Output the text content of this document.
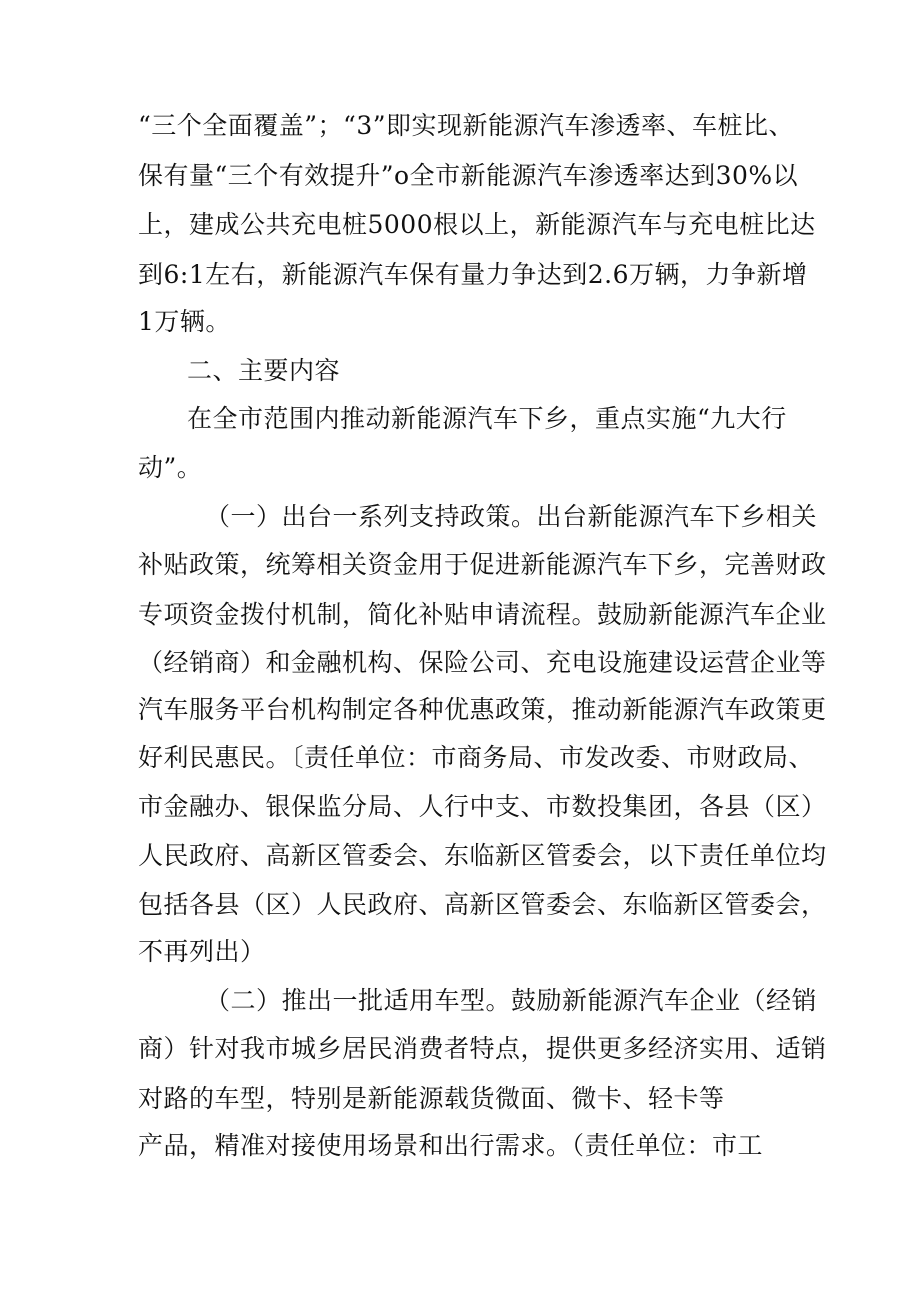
“三个全面覆盖”；“3”即实现新能源汽车渗透率、车桩比、
保有量“三个有效提升”o全市新能源汽车渗透率达到30%以
上，建成公共充电桩5000根以上，新能源汽车与充电桩比达
到6:1左右，新能源汽车保有量力争达到2.6万辆，力争新增
1万辆。
二、主要内容
在全市范围内推动新能源汽车下乡，重点实施“九大行
动”。
（一）出台一系列支持政策。出台新能源汽车下乡相关
补贴政策，统筹相关资金用于促进新能源汽车下乡，完善财政
专项资金拨付机制，简化补贴申请流程。鼓励新能源汽车企业
（经销商）和金融机构、保险公司、充电设施建设运营企业等
汽车服务平台机构制定各种优惠政策，推动新能源汽车政策更
好利民惠民。〔责任单位：市商务局、市发改委、市财政局、
市金融办、银保监分局、人行中支、市数投集团，各县（区）
人民政府、高新区管委会、东临新区管委会，以下责任单位均
包括各县（区）人民政府、高新区管委会、东临新区管委会，
不再列出）
（二）推出一批适用车型。鼓励新能源汽车企业（经销
商）针对我市城乡居民消费者特点，提供更多经济实用、适销
对路的车型，特别是新能源载货微面、微卡、轻卡等
产品，精准对接使用场景和出行需求。（责任单位：市工
